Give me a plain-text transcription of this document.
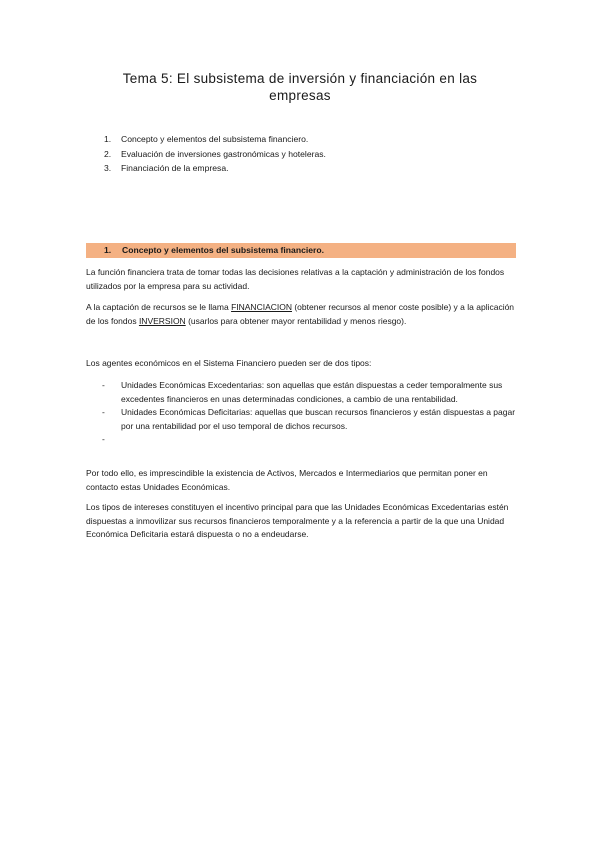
Tema 5: El subsistema de inversión y financiación en las empresas
1. Concepto y elementos del subsistema financiero.
2. Evaluación de inversiones gastronómicas y hoteleras.
3. Financiación de la empresa.
1. Concepto y elementos del subsistema financiero.

La función financiera trata de tomar todas las decisiones relativas a la captación y administración de los fondos utilizados por la empresa para su actividad.

A la captación de recursos se le llama FINANCIACION (obtener recursos al menor coste posible) y a la aplicación de los fondos INVERSION (usarlos para obtener mayor rentabilidad y menos riesgo).

Los agentes económicos en el Sistema Financiero pueden ser de dos tipos:

- Unidades Económicas Excedentarias: son aquellas que están dispuestas a ceder temporalmente sus excedentes financieros en unas determinadas condiciones, a cambio de una rentabilidad.
- Unidades Económicas Deficitarias: aquellas que buscan recursos financieros y están dispuestas a pagar por una rentabilidad por el uso temporal de dichos recursos.
-

Por todo ello, es imprescindible la existencia de Activos, Mercados e Intermediarios que permitan poner en contacto estas Unidades Económicas.

Los tipos de intereses constituyen el incentivo principal para que las Unidades Económicas Excedentarias estén dispuestas a inmovilizar sus recursos financieros temporalmente y a la referencia a partir de la que una Unidad Económica Deficitaria estará dispuesta o no a endeudarse.
